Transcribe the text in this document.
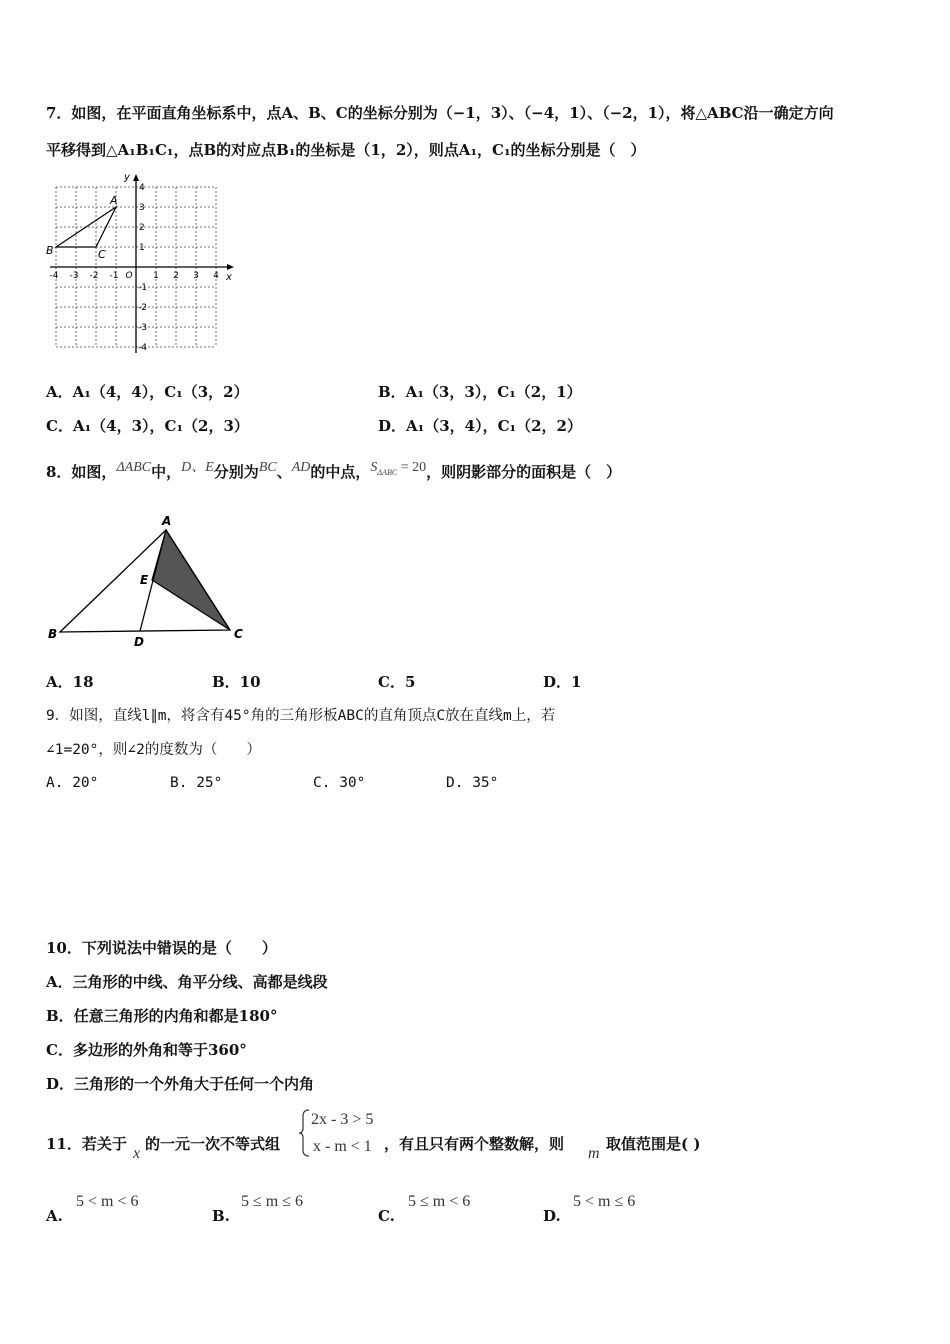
7．如图，在平面直角坐标系中，点A、B、C的坐标分别为（−1，3）、（−4，1）、（−2，1），将△ABC沿一确定方向
平移得到△A₁B₁C₁，点B的对应点B₁的坐标是（1，2），则点A₁，C₁的坐标分别是（　）
A
B	C
x
y
-4 -3 -2 -1 O 1 2 3 4
4
3
2
1
-1
-2
-3
-4
A．A₁（4，4），C₁（3，2）	B．A₁（3，3），C₁（2，1）
C．A₁（4，3），C₁（2，3）	D．A₁（3，4），C₁（2，2）
8．如图，ΔABC中，D、E分别为BC、AD的中点，$S_{\Delta ABC} = 20$，则阴影部分的面积是（　）
A
B	C
D
E
A．18	B．10	C．5	D．1
9．如图，直线l∥m，将含有45°角的三角形板ABC的直角顶点C放在直线m上，若
∠1=20°，则∠2的度数为（　　）
A. 20°	B. 25°	C. 30°	D. 35°
10．下列说法中错误的是（　　）
A．三角形的中线、角平分线、高都是线段
B．任意三角形的内角和都是180°
C．多边形的外角和等于360°
D．三角形的一个外角大于任何一个内角
11．若关于
x
的一元一次不等式组
2x - 3 > 5
x - m < 1 ，有且只有两个整数解，则
m
取值范围是( )
A.
5 < m < 6
B.
5 ≤ m ≤ 6
C.
5 ≤ m < 6
D.
5 < m ≤ 6
